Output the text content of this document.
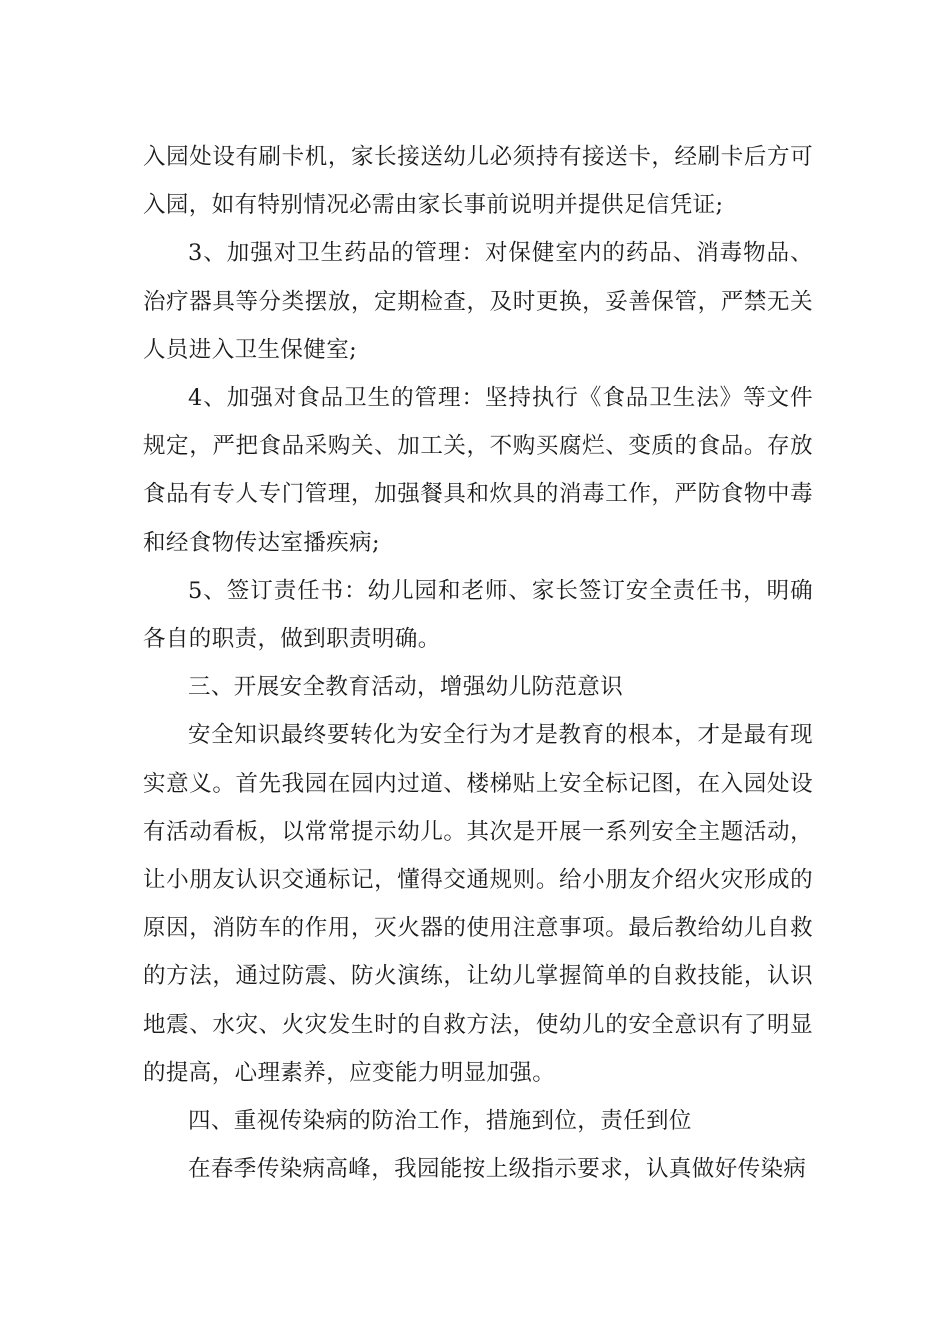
入园处设有刷卡机，家长接送幼儿必须持有接送卡，经刷卡后方可入园，如有特别情况必需由家长事前说明并提供足信凭证;

3、加强对卫生药品的管理：对保健室内的药品、消毒物品、治疗器具等分类摆放，定期检查，及时更换，妥善保管，严禁无关人员进入卫生保健室;

4、加强对食品卫生的管理：坚持执行《食品卫生法》等文件规定，严把食品采购关、加工关，不购买腐烂、变质的食品。存放食品有专人专门管理，加强餐具和炊具的消毒工作，严防食物中毒和经食物传达室播疾病;

5、签订责任书：幼儿园和老师、家长签订安全责任书，明确各自的职责，做到职责明确。

三、开展安全教育活动，增强幼儿防范意识

安全知识最终要转化为安全行为才是教育的根本，才是最有现实意义。首先我园在园内过道、楼梯贴上安全标记图，在入园处设有活动看板，以常常提示幼儿。其次是开展一系列安全主题活动，让小朋友认识交通标记，懂得交通规则。给小朋友介绍火灾形成的原因，消防车的作用，灭火器的使用注意事项。最后教给幼儿自救的方法，通过防震、防火演练，让幼儿掌握简单的自救技能，认识地震、水灾、火灾发生时的自救方法，使幼儿的安全意识有了明显的提高，心理素养，应变能力明显加强。

四、重视传染病的防治工作，措施到位，责任到位

在春季传染病高峰，我园能按上级指示要求，认真做好传染病
